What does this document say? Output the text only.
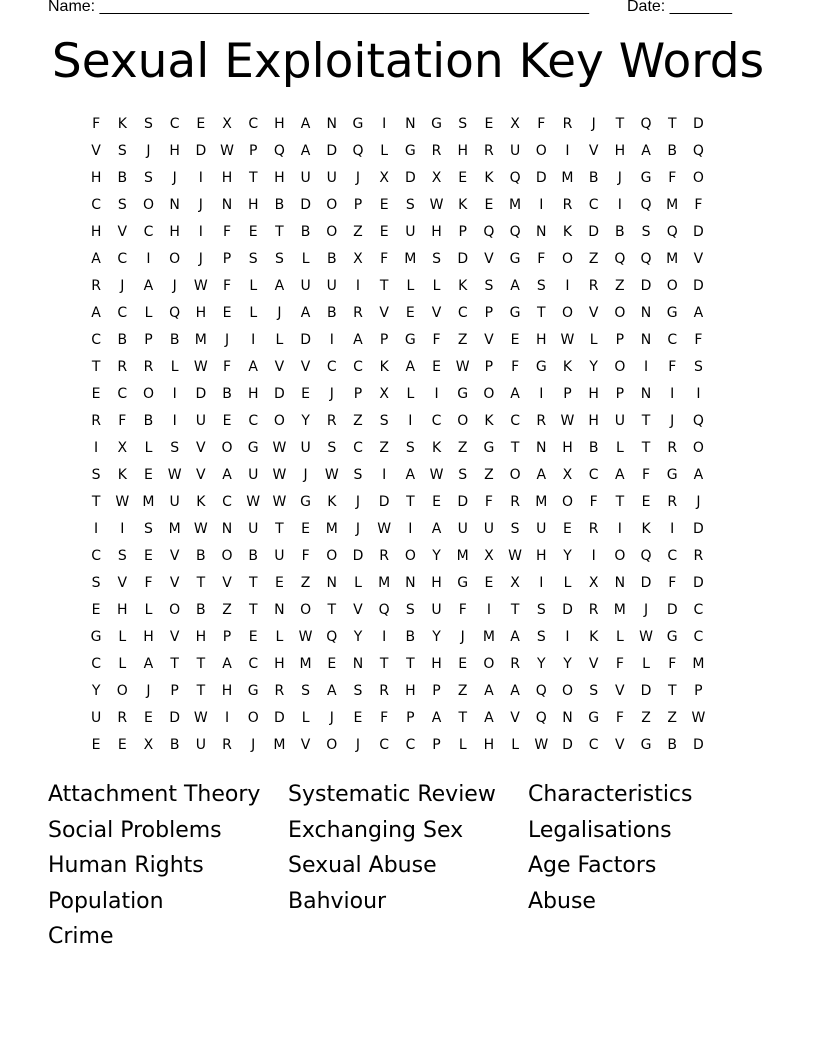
Name: _______________________________________________________ Date: _______
Sexual Exploitation Key Words
F	K	S	C	E	X	C	H	A	N	G	I	N	G	S	E	X	F	R	J	T	Q	T	D
V	S	J	H	D W	P	Q	A	D	Q	L	G	R	H	R	U	O	I	V	H	A	B	Q
H	B	S	J	I	H	T	H	U	U	J	X	D	X	E	K	Q	D	M	B	J	G	F	O
C	S	O	N	J	N	H	B	D	O	P	E	S	W	K	E	M	I	R	C	I	Q	M	F
H	V	C	H	I	F	E	T	B	O	Z	E	U	H	P	Q	Q	N	K	D	B	S	Q	D
A	C	I	O	J	P	S	S	L	B	X	F	M	S	D	V	G	F	O	Z	Q	Q	M	V
R	J	A	J	W	F	L	A	U	U	I	T	L	L	K	S	A	S	I	R	Z	D	O	D
A	C	L	Q	H	E	L	J	A	B	R	V	E	V	C	P	G	T	O	V	O	N	G	A
C	B	P	B	M	J	I	L	D	I	A	P	G	F	Z	V	E	H	W	L	P	N	C	F
T	R	R	L	W	F	A	V	V	C	C	K	A	E	W	P	F	G	K	Y	O	I	F	S
E	C	O	I	D	B	H	D	E	J	P	X	L	I	G	O	A	I	P	H	P	N	I	I
R	F	B	I	U	E	C	O	Y	R	Z	S	I	C	O	K	C	R	W	H	U	T	J	Q
I	X	L	S	V	O	G W	U	S	C	Z	S	K	Z	G	T	N	H	B	L	T	R	O
S	K	E	W	V	A	U	W	J	W	S	I	A	W	S	Z	O	A	X	C	A	F	G	A
T	W M	U	K	C	W W G	K	J	D	T	E	D	F	R	M	O	F	T	E	R	J
I	I	S	M W	N	U	T	E	M	J	W	I	A	U	U	S	U	E	R	I	K	I	D
C	S	E	V	B	O	B	U	F	O	D	R	O	Y	M	X	W	H	Y	I	O	Q	C	R
S	V	F	V	T	V	T	E	Z	N	L	M	N	H	G	E	X	I	L	X	N	D	F	D
E	H	L	O	B	Z	T	N	O	T	V	Q	S	U	F	I	T	S	D	R	M	J	D	C
G	L	H	V	H	P	E	L	W Q	Y	I	B	Y	J	M	A	S	I	K	L	W G	C
C	L	A	T	T	A	C	H	M	E	N	T	T	H	E	O	R	Y	Y	V	F	L	F	M
Y	O	J	P	T	H	G	R	S	A	S	R	H	P	Z	A	A	Q	O	S	V	D	T	P
U	R	E	D W	I	O	D	L	J	E	F	P	A	T	A	V	Q	N	G	F	Z	Z	W
E	E	X	B	U	R	J	M	V	O	J	C	C	P	L	H	L	W D	C	V	G	B	D
Attachment Theory	Systematic Review	Characteristics
Social Problems	Exchanging Sex	Legalisations
Human Rights	Sexual Abuse	Age Factors
Population	Bahviour	Abuse
Crime
